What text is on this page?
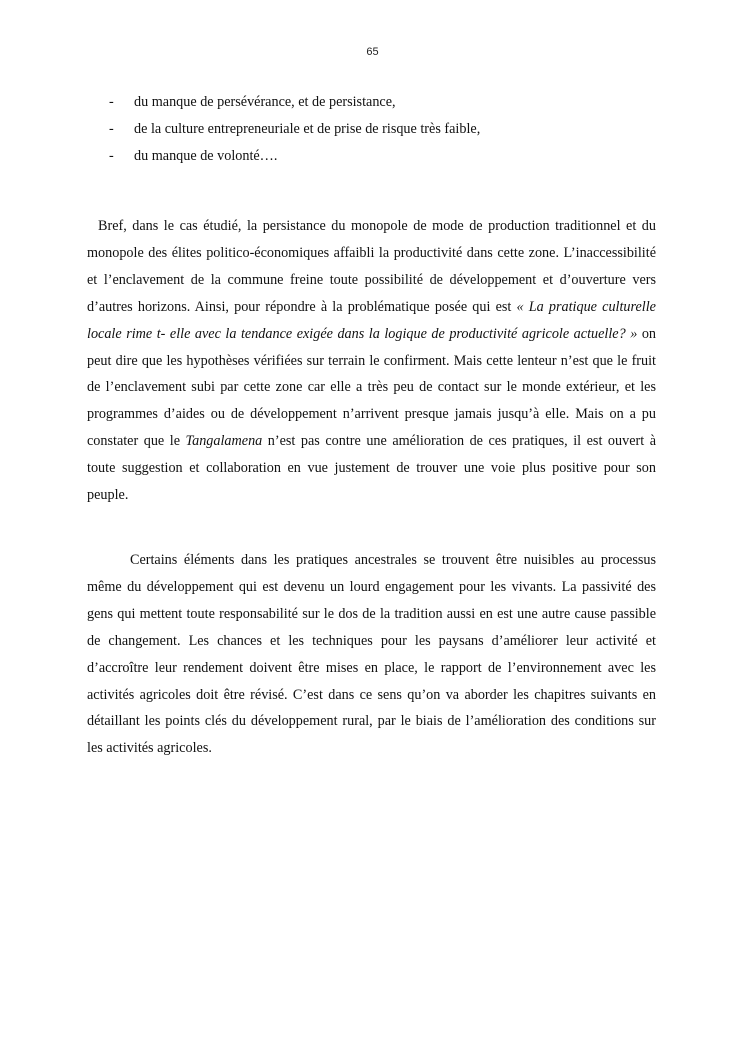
65
- du manque de persévérance, et de persistance,
- de la culture entrepreneuriale et de prise de risque très faible,
- du manque de volonté….

Bref, dans le cas étudié, la persistance du monopole de mode de production traditionnel et du monopole des élites politico-économiques affaibli la productivité dans cette zone. L’inaccessibilité et l’enclavement de la commune freine toute possibilité de développement et d’ouverture vers d’autres horizons. Ainsi, pour répondre à la problématique posée qui est « La pratique culturelle locale rime t- elle avec la tendance exigée dans la logique de productivité agricole actuelle? » on peut dire que les hypothèses vérifiées sur terrain le confirment. Mais cette lenteur n’est que le fruit de l’enclavement subi par cette zone car elle a très peu de contact sur le monde extérieur, et les programmes d’aides ou de développement n’arrivent presque jamais jusqu’à elle. Mais on a pu constater que le Tangalamena n’est pas contre une amélioration de ces pratiques, il est ouvert à toute suggestion et collaboration en vue justement de trouver une voie plus positive pour son peuple.

Certains éléments dans les pratiques ancestrales se trouvent être nuisibles au processus même du développement qui est devenu un lourd engagement pour les vivants. La passivité des gens qui mettent toute responsabilité sur le dos de la tradition aussi en est une autre cause passible de changement. Les chances et les techniques pour les paysans d’améliorer leur activité et d’accroître leur rendement doivent être mises en place, le rapport de l’environnement avec les activités agricoles doit être révisé. C’est dans ce sens qu’on va aborder les chapitres suivants en détaillant les points clés du développement rural, par le biais de l’amélioration des conditions sur les activités agricoles.
